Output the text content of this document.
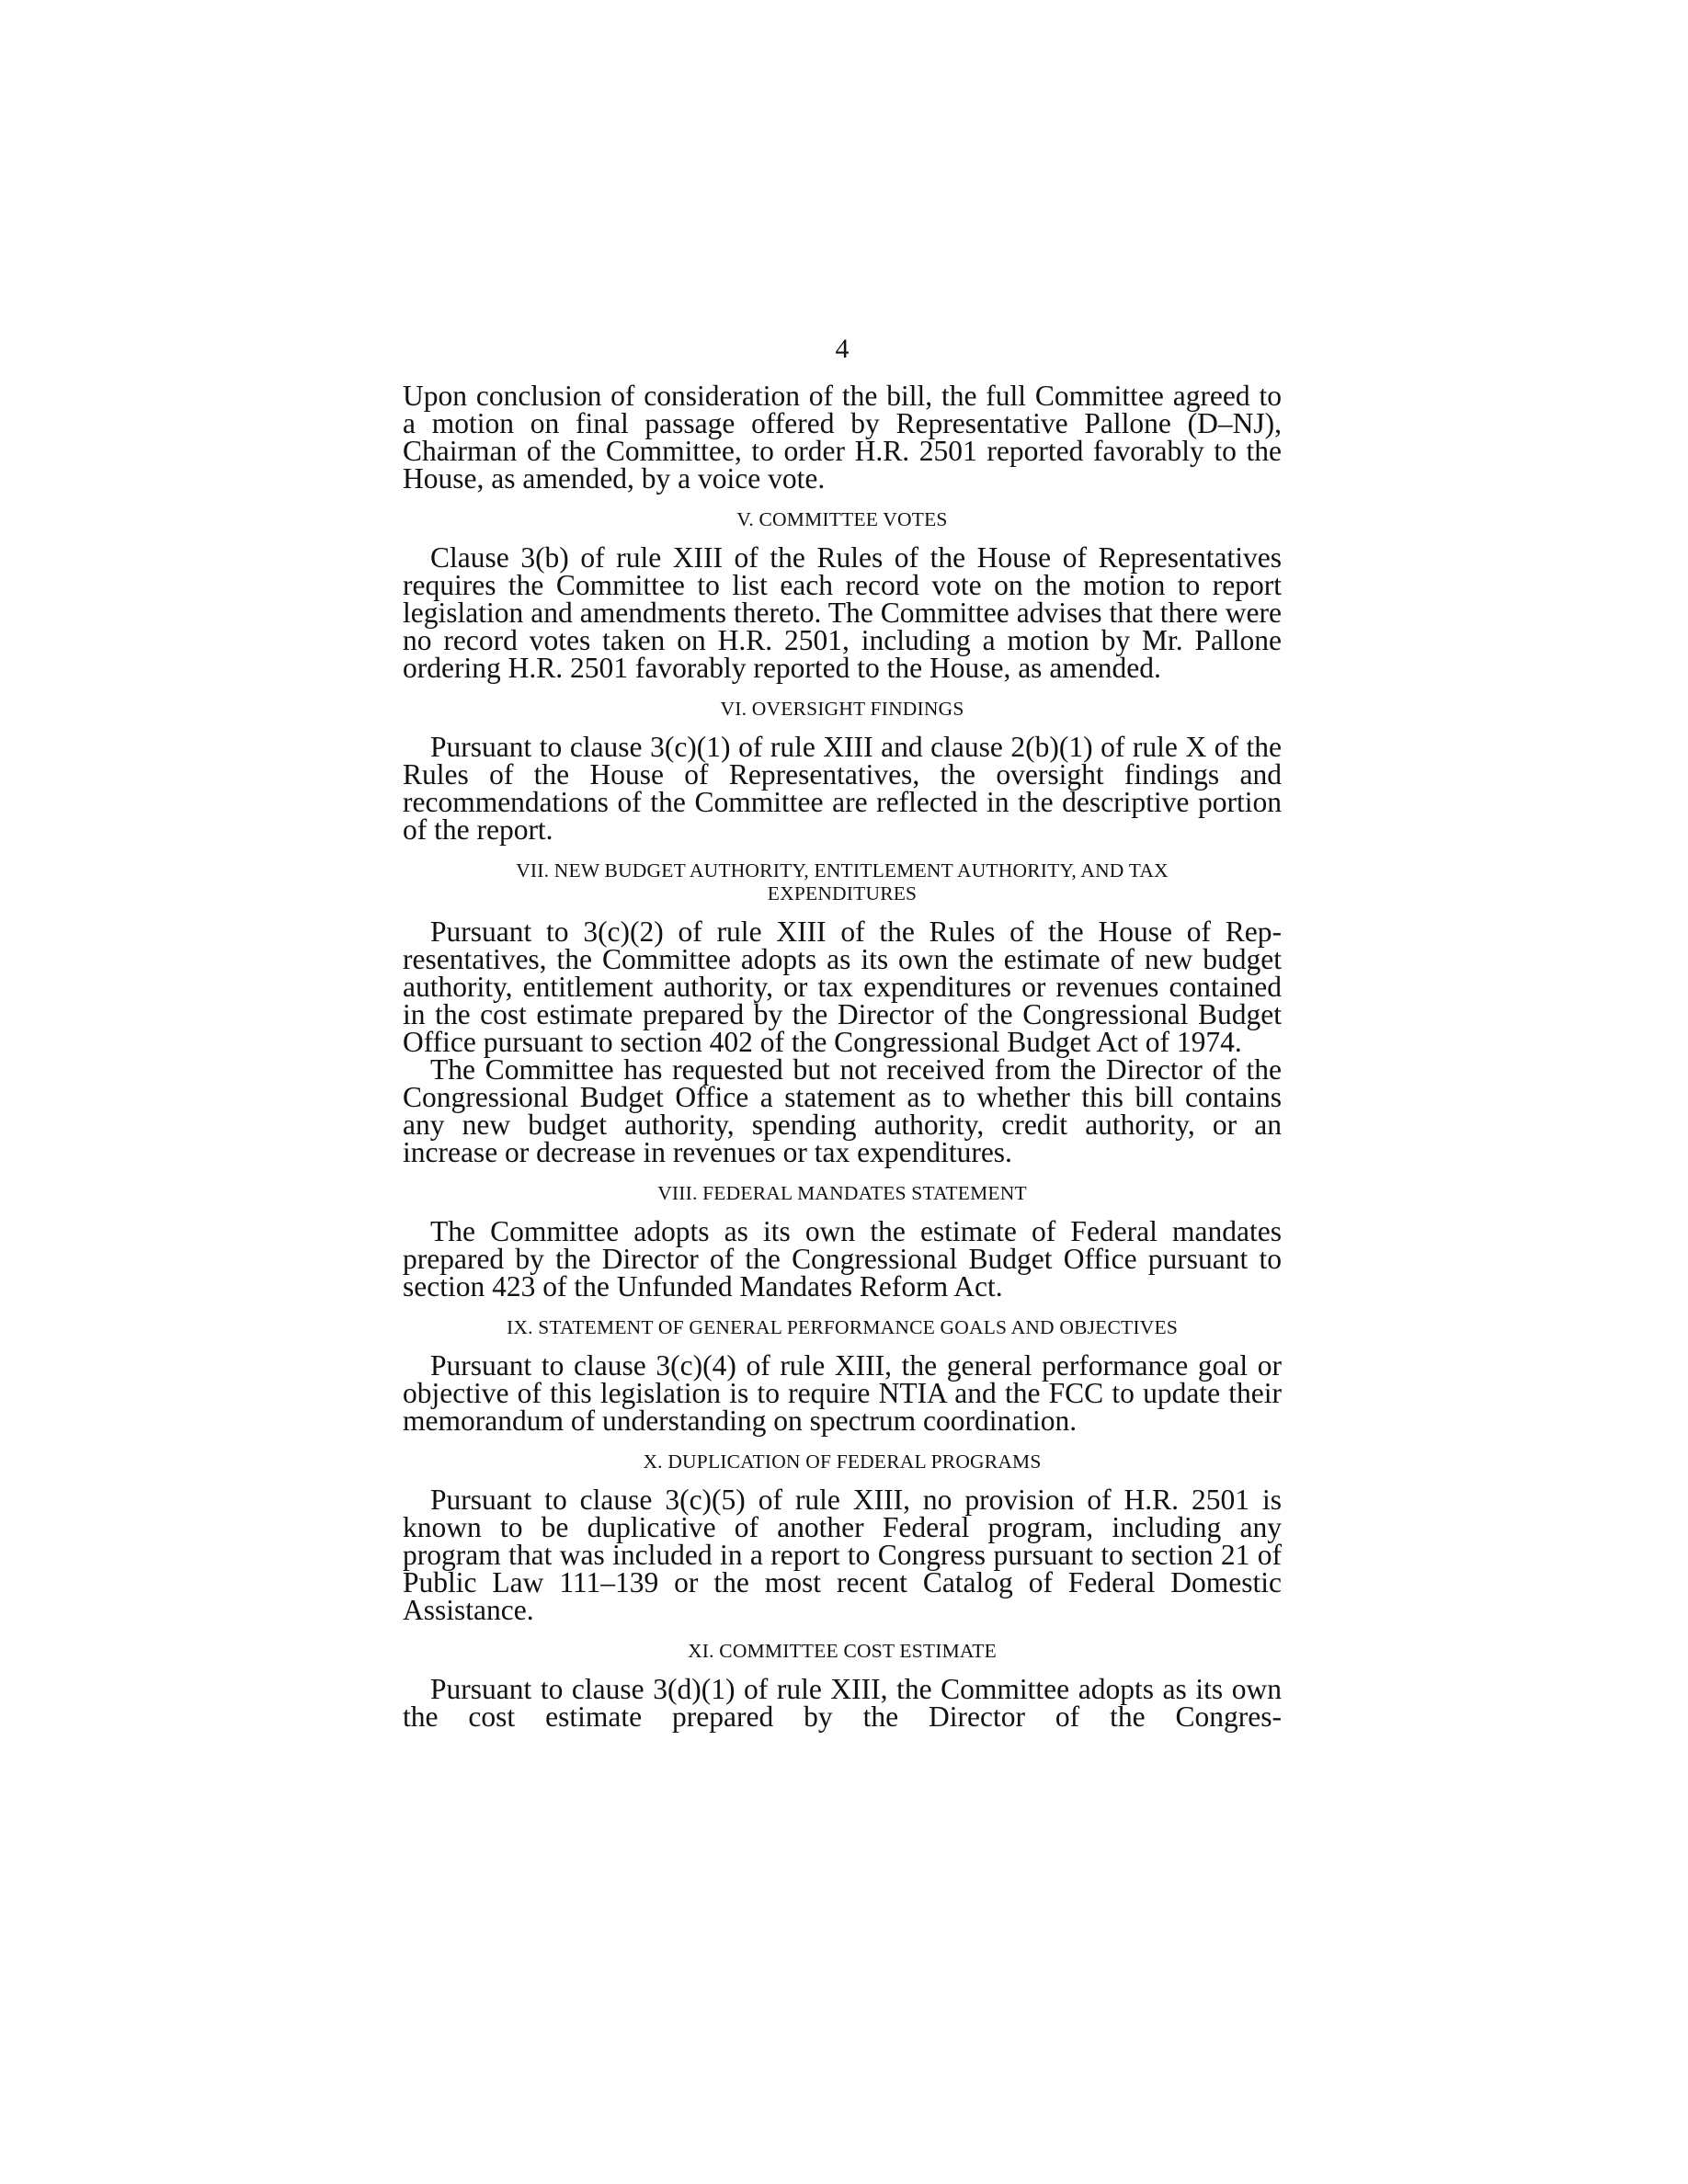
4

Upon conclusion of consideration of the bill, the full Committee agreed to a motion on final passage offered by Representative Pallone (D–NJ), Chairman of the Committee, to order H.R. 2501 reported favorably to the House, as amended, by a voice vote.

V. COMMITTEE VOTES

Clause 3(b) of rule XIII of the Rules of the House of Representatives requires the Committee to list each record vote on the motion to report legislation and amendments thereto. The Committee advises that there were no record votes taken on H.R. 2501, including a motion by Mr. Pallone ordering H.R. 2501 favorably reported to the House, as amended.

VI. OVERSIGHT FINDINGS

Pursuant to clause 3(c)(1) of rule XIII and clause 2(b)(1) of rule X of the Rules of the House of Representatives, the oversight findings and recommendations of the Committee are reflected in the descriptive portion of the report.

VII. NEW BUDGET AUTHORITY, ENTITLEMENT AUTHORITY, AND TAX EXPENDITURES

Pursuant to 3(c)(2) of rule XIII of the Rules of the House of Representatives, the Committee adopts as its own the estimate of new budget authority, entitlement authority, or tax expenditures or revenues contained in the cost estimate prepared by the Director of the Congressional Budget Office pursuant to section 402 of the Congressional Budget Act of 1974.

The Committee has requested but not received from the Director of the Congressional Budget Office a statement as to whether this bill contains any new budget authority, spending authority, credit authority, or an increase or decrease in revenues or tax expenditures.

VIII. FEDERAL MANDATES STATEMENT

The Committee adopts as its own the estimate of Federal mandates prepared by the Director of the Congressional Budget Office pursuant to section 423 of the Unfunded Mandates Reform Act.

IX. STATEMENT OF GENERAL PERFORMANCE GOALS AND OBJECTIVES

Pursuant to clause 3(c)(4) of rule XIII, the general performance goal or objective of this legislation is to require NTIA and the FCC to update their memorandum of understanding on spectrum coordination.

X. DUPLICATION OF FEDERAL PROGRAMS

Pursuant to clause 3(c)(5) of rule XIII, no provision of H.R. 2501 is known to be duplicative of another Federal program, including any program that was included in a report to Congress pursuant to section 21 of Public Law 111–139 or the most recent Catalog of Federal Domestic Assistance.

XI. COMMITTEE COST ESTIMATE

Pursuant to clause 3(d)(1) of rule XIII, the Committee adopts as its own the cost estimate prepared by the Director of the Congres-
